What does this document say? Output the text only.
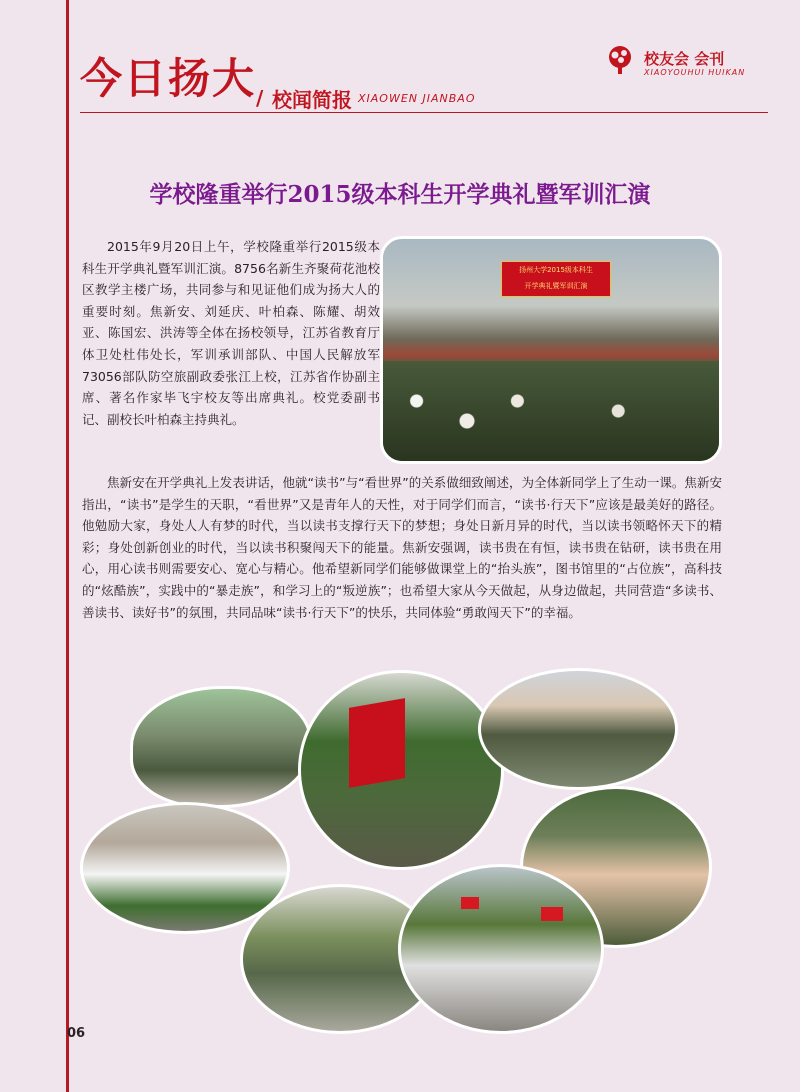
今日扬大 / 校闻简报 XIAOWEN JIANBAO
校友会 会刊
XIAOYOUHUI HUIKAN
学校隆重举行2015级本科生开学典礼暨军训汇演

2015年9月20日上午，学校隆重举行2015级本科生开学典礼暨军训汇演。8756名新生齐聚荷花池校区教学主楼广场，共同参与和见证他们成为扬大人的重要时刻。焦新安、刘延庆、叶柏森、陈耀、胡效亚、陈国宏、洪涛等全体在扬校领导，江苏省教育厅体卫处杜伟处长，军训承训部队、中国人民解放军73056部队防空旅副政委张江上校，江苏省作协副主席、著名作家毕飞宇校友等出席典礼。校党委副书记、副校长叶柏森主持典礼。

扬州大学2015级本科生
开学典礼暨军训汇演

焦新安在开学典礼上发表讲话，他就“读书”与“看世界”的关系做细致阐述，为全体新同学上了生动一课。焦新安指出，“读书”是学生的天职，“看世界”又是青年人的天性，对于同学们而言，“读书·行天下”应该是最美好的路径。他勉励大家，身处人人有梦的时代，当以读书支撑行天下的梦想；身处日新月异的时代，当以读书领略怀天下的精彩；身处创新创业的时代，当以读书积聚闯天下的能量。焦新安强调，读书贵在有恒，读书贵在钻研，读书贵在用心，用心读书则需要安心、宽心与精心。他希望新同学们能够做课堂上的“抬头族”，图书馆里的“占位族”，高科技的“炫酷族”，实践中的“暴走族”，和学习上的“叛逆族”；也希望大家从今天做起，从身边做起，共同营造“多读书、善读书、读好书”的氛围，共同品味“读书·行天下”的快乐，共同体验“勇敢闯天下”的幸福。

06
